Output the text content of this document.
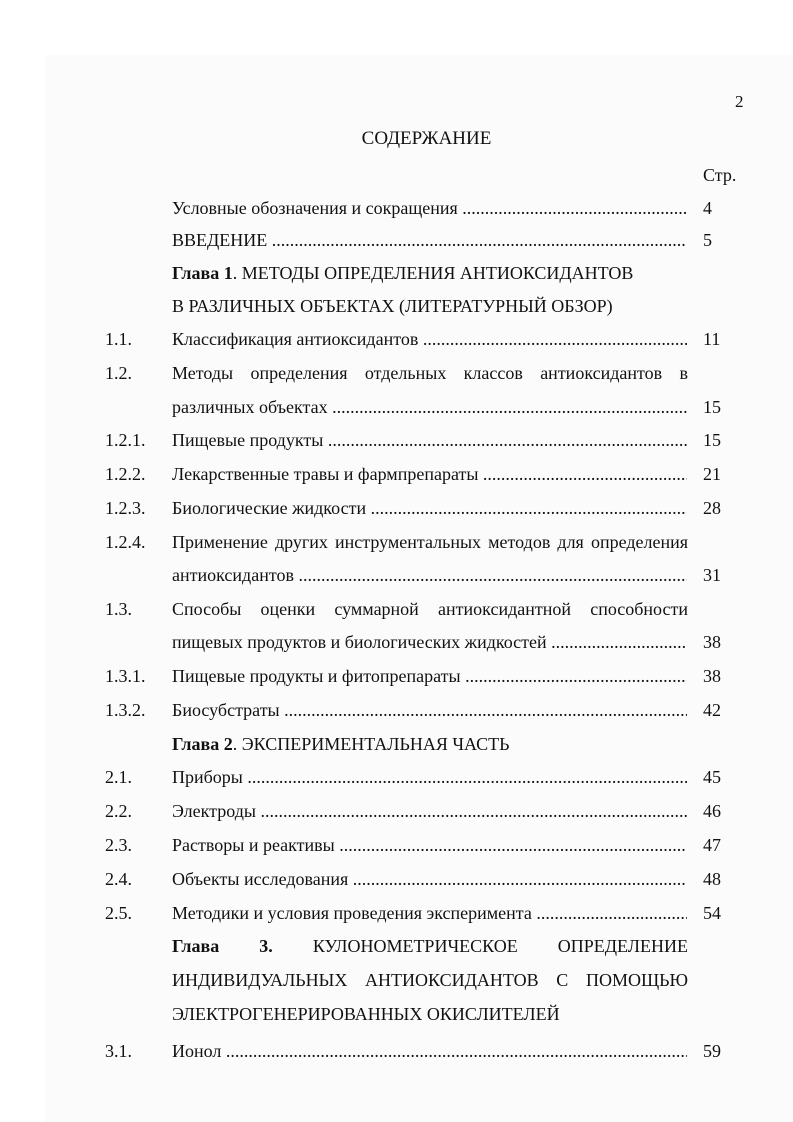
2
СОДЕРЖАНИЕ
Стр.
Условные обозначения и сокращения .....	4
ВВЕДЕНИЕ .....	5
Глава 1. МЕТОДЫ ОПРЕДЕЛЕНИЯ АНТИОКСИДАНТОВ
В РАЗЛИЧНЫХ ОБЪЕКТАХ (ЛИТЕРАТУРНЫЙ ОБЗОР)
1.1. Классификация антиоксидантов .....	11
1.2. Методы определения отдельных классов антиоксидантов в
различных объектах .....	15
1.2.1. Пищевые продукты .....	15
1.2.2. Лекарственные травы и фармпрепараты .....	21
1.2.3. Биологические жидкости .....	28
1.2.4. Применение других инструментальных методов для определения
антиоксидантов .....	31
1.3. Способы оценки суммарной антиоксидантной способности
пищевых продуктов и биологических жидкостей .....	38
1.3.1. Пищевые продукты и фитопрепараты .....	38
1.3.2. Биосубстраты .....	42
Глава 2. ЭКСПЕРИМЕНТАЛЬНАЯ ЧАСТЬ
2.1. Приборы .....	45
2.2. Электроды .....	46
2.3. Растворы и реактивы .....	47
2.4. Объекты исследования .....	48
2.5. Методики и условия проведения эксперимента .....	54
Глава 3. КУЛОНОМЕТРИЧЕСКОЕ ОПРЕДЕЛЕНИЕ
ИНДИВИДУАЛЬНЫХ АНТИОКСИДАНТОВ С ПОМОЩЬЮ
ЭЛЕКТРОГЕНЕРИРОВАННЫХ ОКИСЛИТЕЛЕЙ
3.1. Ионол .....	59
